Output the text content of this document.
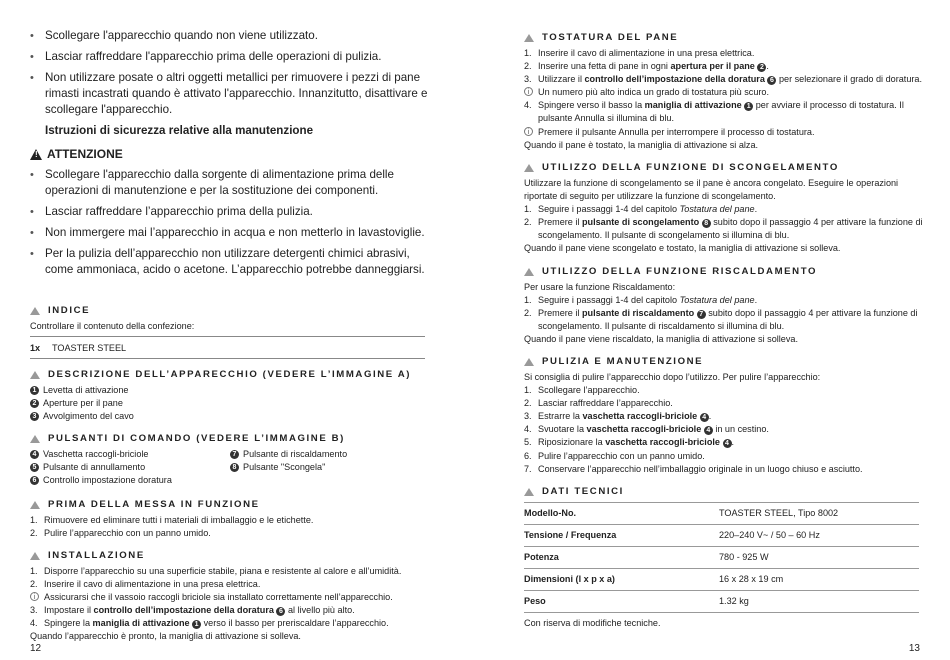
• Scollegare l'apparecchio quando non viene utilizzato.
• Lasciar raffreddare l'apparecchio prima delle operazioni di pulizia.
• Non utilizzare posate o altri oggetti metallici per rimuovere i pezzi di pane rimasti incastrati quando è attivato l'apparecchio. Innanzitutto, disattivare e scollegare l'apparecchio.
Istruzioni di sicurezza relative alla manutenzione
! ATTENZIONE
• Scollegare l'apparecchio dalla sorgente di alimentazione prima delle operazioni di manutenzione e per la sostituzione dei componenti.
• Lasciar raffreddare l’apparecchio prima della pulizia.
• Non immergere mai l’apparecchio in acqua e non metterlo in lavastoviglie.
• Per la pulizia dell’apparecchio non utilizzare detergenti chimici abrasivi, come ammoniaca, acido o acetone. L’apparecchio potrebbe danneggiarsi.
INDICE

Controllare il contenuto della confezione:

1x	TOASTER STEEL
DESCRIZIONE DELL’APPARECCHIO (VEDERE L’IMMAGINE A)
1 Levetta di attivazione
2 Aperture per il pane
3 Avvolgimento del cavo
PULSANTI DI COMANDO (VEDERE L’IMMAGINE B)
4 Vaschetta raccogli-briciole
5 Pulsante di annullamento
6 Controllo impostazione doratura
7 Pulsante di riscaldamento
8 Pulsante "Scongela"
PRIMA DELLA MESSA IN FUNZIONE
1. Rimuovere ed eliminare tutti i materiali di imballaggio e le etichette.
2. Pulire l’apparecchio con un panno umido.
INSTALLAZIONE
1. Disporre l’apparecchio su una superficie stabile, piana e resistente al calore e all’umidità.
2. Inserire il cavo di alimentazione in una presa elettrica.
i Assicurarsi che il vassoio raccogli briciole sia installato correttamente nell’apparecchio.
3. Impostare il controllo dell’impostazione della doratura 6 al livello più alto.
4. Spingere la maniglia di attivazione 1 verso il basso per preriscaldare l’apparecchio.

Quando l’apparecchio è pronto, la maniglia di attivazione si solleva.

12
TOSTATURA DEL PANE
1. Inserire il cavo di alimentazione in una presa elettrica.
2. Inserire una fetta di pane in ogni apertura per il pane 2 .
3. Utilizzare il controllo dell’impostazione della doratura 6 per selezionare il grado di doratura.
i Un numero più alto indica un grado di tostatura più scuro.
4. Spingere verso il basso la maniglia di attivazione 1 per avviare il processo di tostatura. Il pulsante Annulla si illumina di blu.
i Premere il pulsante Annulla per interrompere il processo di tostatura.

Quando il pane è tostato, la maniglia di attivazione si alza.

UTILIZZO DELLA FUNZIONE DI SCONGELAMENTO

Utilizzare la funzione di scongelamento se il pane è ancora congelato. Eseguire le operazioni riportate di seguito per utilizzare la funzione di scongelamento.

1. Seguire i passaggi 1-4 del capitolo Tostatura del pane.
2. Premere il pulsante di scongelamento 8 subito dopo il passaggio 4 per attivare la funzione di scongelamento. Il pulsante di scongelamento si illumina di blu.

Quando il pane viene scongelato e tostato, la maniglia di attivazione si solleva.

UTILIZZO DELLA FUNZIONE RISCALDAMENTO

Per usare la funzione Riscaldamento:

1. Seguire i passaggi 1-4 del capitolo Tostatura del pane.
2. Premere il pulsante di riscaldamento 7 subito dopo il passaggio 4 per attivare la funzione di scongelamento. Il pulsante di riscaldamento si illumina di blu.

Quando il pane viene riscaldato, la maniglia di attivazione si solleva.

PULIZIA E MANUTENZIONE

Si consiglia di pulire l’apparecchio dopo l’utilizzo. Per pulire l’apparecchio:

1. Scollegare l’apparecchio.
2. Lasciar raffreddare l’apparecchio.
3. Estrarre la vaschetta raccogli-briciole 4 .
4. Svuotare la vaschetta raccogli-briciole 4 in un cestino.
5. Riposizionare la vaschetta raccogli-briciole 4 .
6. Pulire l’apparecchio con un panno umido.
7. Conservare l’apparecchio nell’imballaggio originale in un luogo chiuso e asciutto.
DATI TECNICI
Modello-No.	TOASTER STEEL, Tipo 8002
Tensione / Frequenza	220–240 V~ / 50 – 60 Hz
Potenza	780 - 925 W
Dimensioni (l x p x a)	16 x 28 x 19 cm
Peso	1.32 kg

Con riserva di modifiche tecniche.

13
